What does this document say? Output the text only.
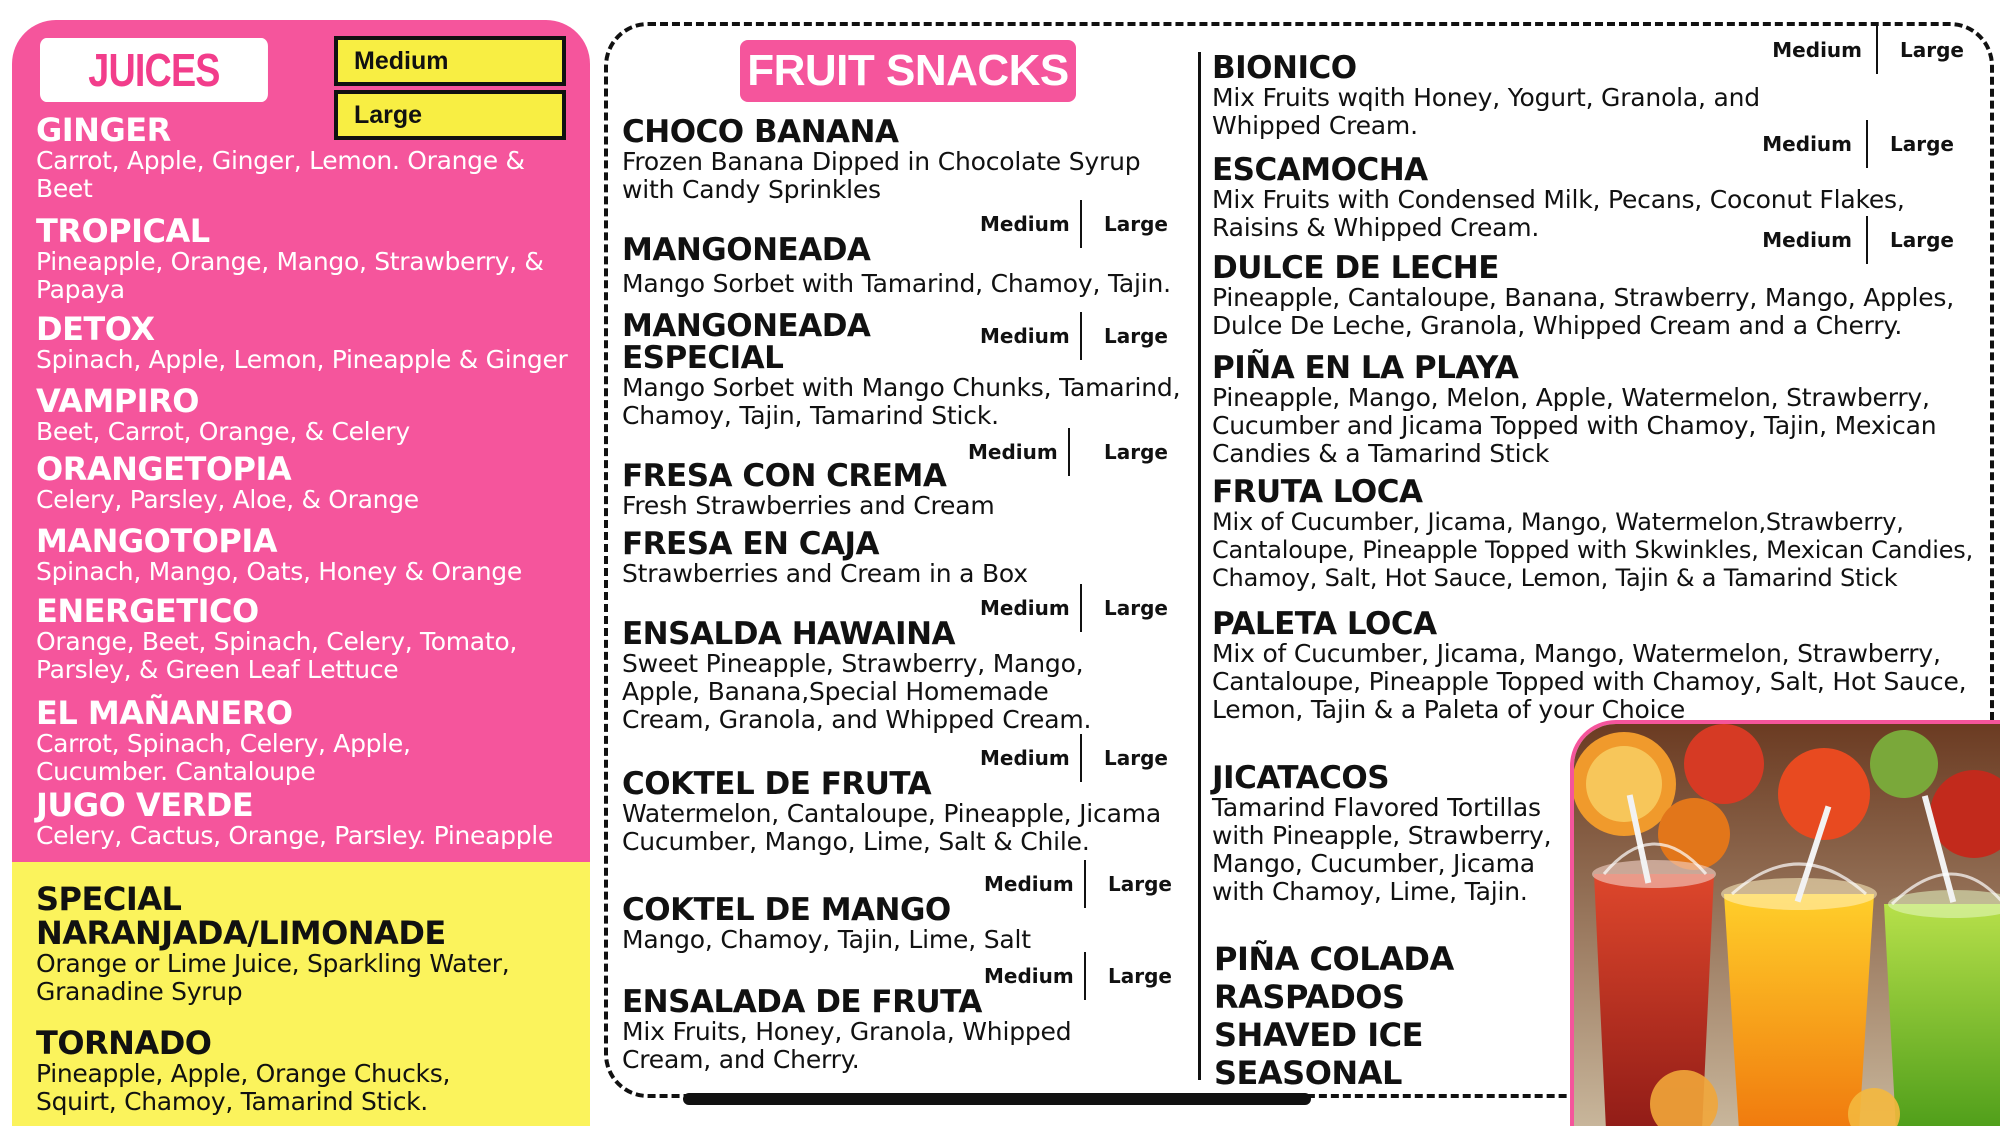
JUICES	Medium
Large
GINGER
Carrot, Apple, Ginger, Lemon. Orange & Beet
TROPICAL
Pineapple, Orange, Mango, Strawberry, & Papaya
DETOX
Spinach, Apple, Lemon, Pineapple & Ginger
VAMPIRO
Beet, Carrot, Orange, & Celery
ORANGETOPIA
Celery, Parsley, Aloe, & Orange
MANGOTOPIA
Spinach, Mango, Oats, Honey & Orange
ENERGETICO
Orange, Beet, Spinach, Celery, Tomato, Parsley, & Green Leaf Lettuce
EL MAÑANERO
Carrot, Spinach, Celery, Apple, Cucumber. Cantaloupe
JUGO VERDE
Celery, Cactus, Orange, Parsley. Pineapple
SPECIAL NARANJADA/LIMONADE
Orange or Lime Juice, Sparkling Water, Granadine Syrup
TORNADO
Pineapple, Apple, Orange Chucks, Squirt, Chamoy, Tamarind Stick.
FRUIT SNACKS
CHOCO BANANA
Frozen Banana Dipped in Chocolate Syrup with Candy Sprinkles
Medium	Large
MANGONEADA
Mango Sorbet with Tamarind, Chamoy, Tajin.
Medium	Large
MANGONEADA ESPECIAL
Mango Sorbet with Mango Chunks, Tamarind, Chamoy, Tajin, Tamarind Stick.
Medium	Large
FRESA CON CREMA
Fresh Strawberries and Cream
FRESA EN CAJA
Strawberries and Cream in a Box
Medium	Large
ENSALDA HAWAINA
Sweet Pineapple, Strawberry, Mango, Apple, Banana,Special Homemade Cream, Granola, and Whipped Cream.
Medium	Large
COKTEL DE FRUTA
Watermelon, Cantaloupe, Pineapple, Jicama Cucumber, Mango, Lime, Salt & Chile.
Medium	Large
COKTEL DE MANGO
Mango, Chamoy, Tajin, Lime, Salt
Medium	Large
ENSALADA DE FRUTA
Mix Fruits, Honey, Granola, Whipped Cream, and Cherry.
Medium	Large
BIONICO
Mix Fruits wqith Honey, Yogurt, Granola, and Whipped Cream.
Medium	Large
ESCAMOCHA
Mix Fruits with Condensed Milk, Pecans, Coconut Flakes, Raisins & Whipped Cream.	Medium	Large
DULCE DE LECHE
Pineapple, Cantaloupe, Banana, Strawberry, Mango, Apples, Dulce De Leche, Granola, Whipped Cream and a Cherry.
PIÑA EN LA PLAYA
Pineapple, Mango, Melon, Apple, Watermelon, Strawberry, Cucumber and Jicama Topped with Chamoy, Tajin, Mexican Candies & a Tamarind Stick
FRUTA LOCA
Mix of Cucumber, Jicama, Mango, Watermelon,Strawberry, Cantaloupe, Pineapple Topped with Skwinkles, Mexican Candies, Chamoy, Salt, Hot Sauce, Lemon, Tajin & a Tamarind Stick
PALETA LOCA
Mix of Cucumber, Jicama, Mango, Watermelon, Strawberry, Cantaloupe, Pineapple Topped with Chamoy, Salt, Hot Sauce, Lemon, Tajin & a Paleta of your Choice
JICATACOS
Tamarind Flavored Tortillas with Pineapple, Strawberry, Mango, Cucumber, Jicama with Chamoy, Lime, Tajin.
PIÑA COLADA
RASPADOS
SHAVED ICE
SEASONAL
